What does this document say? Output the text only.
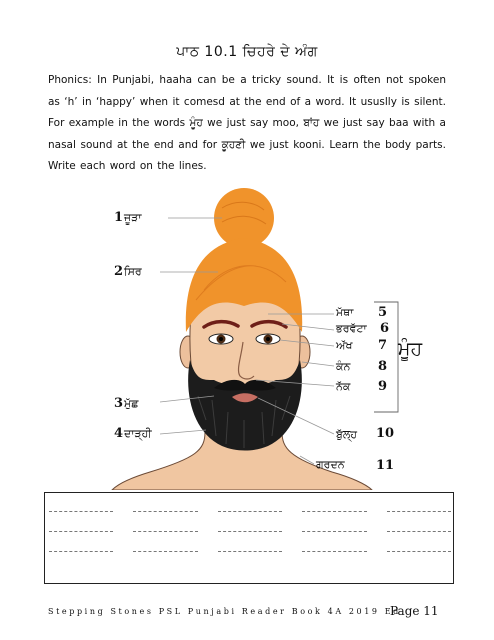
ਪਾਠ 10.1 ਚਿਹਰੇ ਦੇ ਅੰਗ
Phonics: In Punjabi, haaha can be a tricky sound. It is often not spoken as ‘h’ in ‘happy’ when it comesd at the end of a word. It ususlly is silent. For example in the words ਮੂੰਹ we just say moo, ਬਾਂਹ we just say baa with a nasal sound at the end and for ਕੂਹਣੀ we just kooni. Learn the body parts. Write each word on the lines.
1ਜੂੜਾ
2ਸਿਰ
3ਮੁੱਛ
4ਦਾੜ੍ਹੀ
ਮੱਥਾ 5
ਭਰਵੱਟਾ 6
ਅੱਖ 7
ਕੰਨ 8
ਨੱਕ 9
ਬੁੱਲ੍ਹ 10
ਗਰਦਨ 11
ਮੂੰਹ
Stepping Stones PSL Punjabi Reader Book 4A 2019 Ed
Page 11
